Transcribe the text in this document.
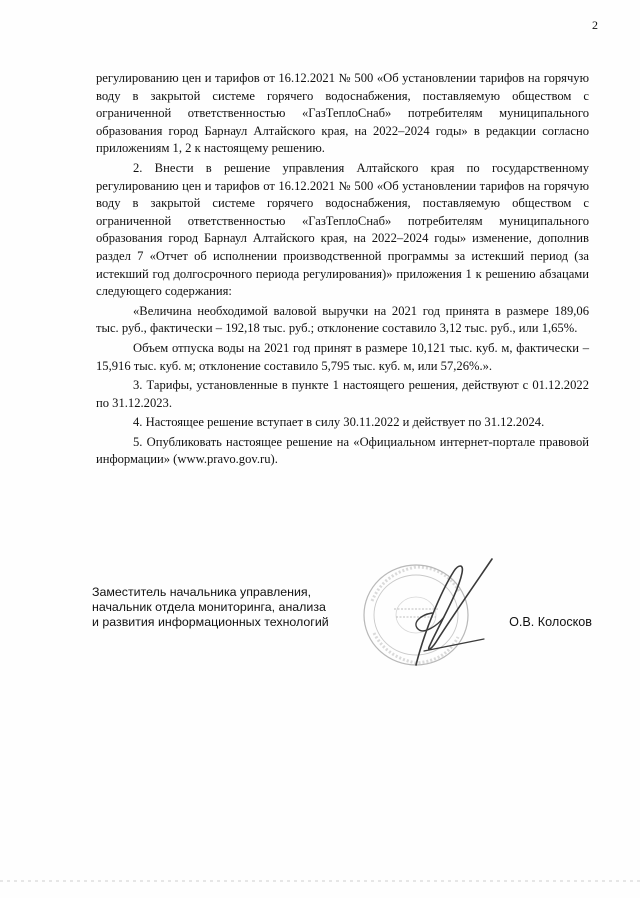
2

регулированию цен и тарифов от 16.12.2021 № 500 «Об установлении тарифов на горячую воду в закрытой системе горячего водоснабжения, поставляемую обществом с ограниченной ответственностью «ГазТеплоСнаб» потребителям муниципального образования город Барнаул Алтайского края, на 2022–2024 годы» в редакции согласно приложениям 1, 2 к настоящему решению.

2. Внести в решение управления Алтайского края по государственному регулированию цен и тарифов от 16.12.2021 № 500 «Об установлении тарифов на горячую воду в закрытой системе горячего водоснабжения, поставляемую обществом с ограниченной ответственностью «ГазТеплоСнаб» потребителям муниципального образования город Барнаул Алтайского края, на 2022–2024 годы» изменение, дополнив раздел 7 «Отчет об исполнении производственной программы за истекший период (за истекший год долгосрочного периода регулирования)» приложения 1 к решению абзацами следующего содержания:

«Величина необходимой валовой выручки на 2021 год принята в размере 189,06 тыс. руб., фактически – 192,18 тыс. руб.; отклонение составило 3,12 тыс. руб., или 1,65%.

Объем отпуска воды на 2021 год принят в размере 10,121 тыс. куб. м, фактически – 15,916 тыс. куб. м; отклонение составило 5,795 тыс. куб. м, или 57,26%.».

3. Тарифы, установленные в пункте 1 настоящего решения, действуют с 01.12.2022 по 31.12.2023.

4. Настоящее решение вступает в силу 30.11.2022 и действует по 31.12.2024.

5. Опубликовать настоящее решение на «Официальном интернет-портале правовой информации» (www.pravo.gov.ru).

Заместитель начальника управления,
начальник отдела мониторинга, анализа
и развития информационных технологий	О.В. Колосков
